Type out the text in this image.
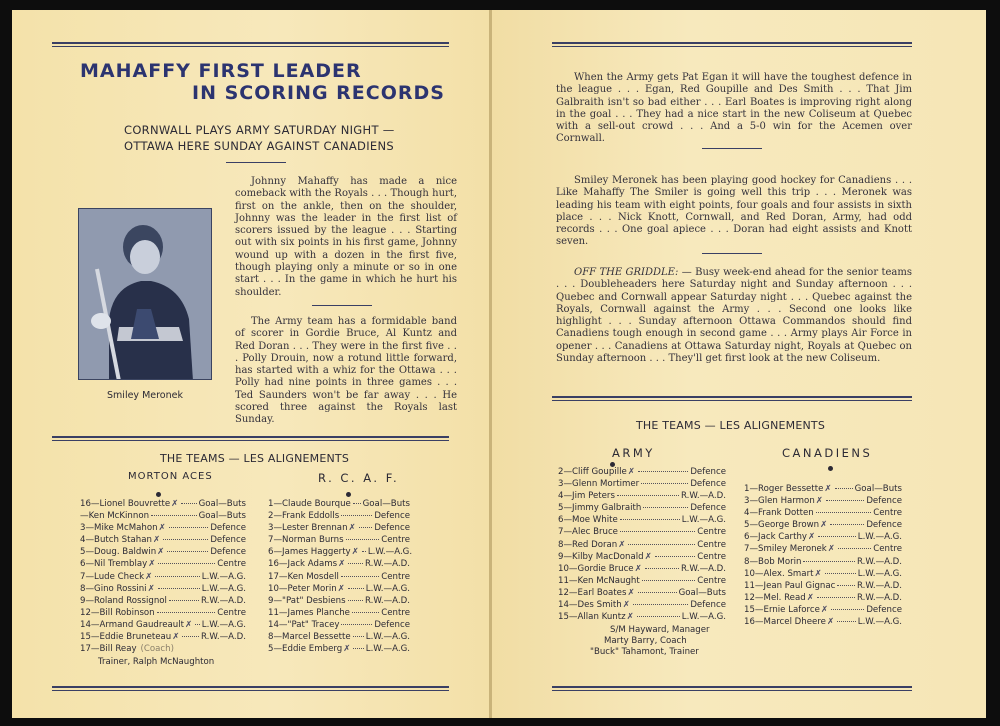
MAHAFFY FIRST LEADER
IN SCORING RECORDS
CORNWALL PLAYS ARMY SATURDAY NIGHT —
OTTAWA HERE SUNDAY AGAINST CANADIENS
Johnny Mahaffy has made a nice comeback with the Royals . . . Though hurt, first on the ankle, then on the shoulder, Johnny was the leader in the first list of scorers issued by the league . . . Starting out with six points in his first game, Johnny wound up with a dozen in the first five, though playing only a minute or so in one start . . . In the game in which he hurt his shoulder.
The Army team has a formidable band of scorer in Gordie Bruce, Al Kuntz and Red Doran . . . They were in the first five . . . Polly Drouin, now a rotund little forward, has started with a whiz for the Ottawa . . . Polly had nine points in three games . . . Ted Saunders won't be far away . . . He scored three against the Royals last Sunday.
Smiley Meronek
THE TEAMS — LES ALIGNEMENTS
MORTON ACES	R. C. A. F.
16—Lionel Bouvrette ✗ Goal—Buts
—Ken McKinnon	Goal—Buts
3—Mike McMahon ✗	Defence
4—Butch Stahan ✗	Defence
5—Doug. Baldwin ✗	Defence
6—Nil Tremblay ✗	Centre
7—Lude Check ✗	L.W.—A.G.
8—Gino Rossini ✗	L.W.—A.G.
9—Roland Rossignol	R.W.—A.D.
12—Bill Robinson	Centre
14—Armand Gaudreault ✗ L.W.—A.G.
15—Eddie Bruneteau ✗ R.W.—A.D.
17—Bill Reay (Coach)
Trainer, Ralph McNaughton
1—Claude Bourque Goal—Buts
2—Frank Eddolls	Defence
3—Lester Brennan ✗ Defence
7—Norman Burns	Centre
6—James Haggerty ✗ L.W.—A.G.
16—Jack Adams ✗ R.W.—A.D.
17—Ken Mosdell	Centre
10—Peter Morin ✗ L.W.—A.G.
9—"Pat" Desbiens R.W.—A.D.
11—James Planche	Centre
14—"Pat" Tracey	Defence
8—Marcel Bessette L.W.—A.G.
5—Eddie Emberg ✗ L.W.—A.G.
When the Army gets Pat Egan it will have the toughest defence in the league . . . Egan, Red Goupille and Des Smith . . . That Jim Galbraith isn't so bad either . . . Earl Boates is improving right along in the goal . . . They had a nice start in the new Coliseum at Quebec with a sell-out crowd . . . And a 5-0 win for the Acemen over Cornwall.
Smiley Meronek has been playing good hockey for Canadiens . . . Like Mahaffy The Smiler is going well this trip . . . Meronek was leading his team with eight points, four goals and four assists in sixth place . . . Nick Knott, Cornwall, and Red Doran, Army, had odd records . . . One goal apiece . . . Doran had eight assists and Knott seven.
OFF THE GRIDDLE: — Busy week-end ahead for the senior teams . . . Doubleheaders here Saturday night and Sunday afternoon . . . Quebec and Cornwall appear Saturday night . . . Quebec against the Royals, Cornwall against the Army . . . Second one looks like highlight . . . Sunday afternoon Ottawa Commandos should find Canadiens tough enough in second game . . . Army plays Air Force in opener . . . Canadiens at Ottawa Saturday night, Royals at Quebec on Sunday afternoon . . . They'll get first look at the new Coliseum.
THE TEAMS — LES ALIGNEMENTS
ARMY	CANADIENS
2—Cliff Goupille ✗	Defence
3—Glenn Mortimer	Defence
4—Jim Peters	R.W.—A.D.
5—Jimmy Galbraith	Defence
6—Moe White	L.W.—A.G.
7—Alec Bruce	Centre
8—Red Doran ✗	Centre
9—Kilby MacDonald ✗	Centre
10—Gordie Bruce ✗	R.W.—A.D.
11—Ken McNaught	Centre
12—Earl Boates ✗	Goal—Buts
14—Des Smith ✗	Defence
15—Allan Kuntz ✗	L.W.—A.G.
S/M Hayward, Manager
Marty Barry, Coach
"Buck" Tahamont, Trainer
1—Roger Bessette ✗	Goal—Buts
3—Glen Harmon ✗	Defence
4—Frank Dotten	Centre
5—George Brown ✗	Defence
6—Jack Carthy ✗	L.W.—A.G.
7—Smiley Meronek ✗	Centre
8—Bob Morin	R.W.—A.D.
10—Alex. Smart ✗	L.W.—A.G.
11—Jean Paul Gignac	R.W.—A.D.
12—Mel. Read ✗	R.W.—A.D.
15—Ernie Laforce ✗	Defence
16—Marcel Dheere ✗	L.W.—A.G.
